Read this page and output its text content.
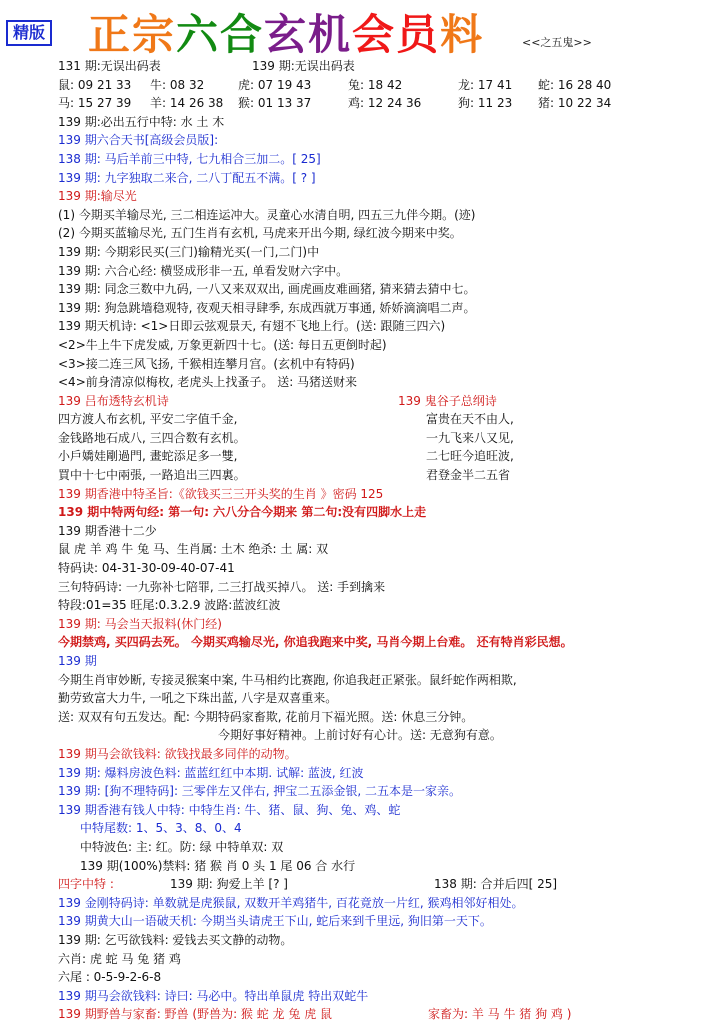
精版 正宗六合玄机会员料	<<之五鬼>>
131 期:无误出码表	139 期:无误出码表
鼠: 09 21 33 牛: 08 32	虎: 07 19 43	兔: 18 42	龙: 17 41 蛇: 16 28 40
马: 15 27 39 羊: 14 26 38 猴: 01 13 37	鸡: 12 24 36	狗: 11 23 猪: 10 22 34
139 期:必出五行中特: 水 土 木
139 期六合天书[高级会员版]:
138 期: 马后羊前三中特, 七九相合三加二。[ 25]
139 期: 九字独取二来合, 二八丁配五不满。[ ? ]
139 期:输尽光
(1) 今期买羊输尽光, 三二相连运冲大。灵童心水清自明, 四五三九伴今期。(迹)
(2) 今期买蓝输尽光, 五门生肖有玄机, 马虎来开出今期, 绿红波今期来中奖。
139 期: 今期彩民买(三门)输精光买(一门,二门)中
139 期: 六合心经: 横竖成形非一五, 单看发财六字中。
139 期: 同念三数中九码, 一八又来双双出, 画虎画皮难画猪, 猜来猜去猜中七。
139 期: 狗急跳墙稳观特, 夜观天相寻肆季, 东成西就万事通, 娇娇滴滴唱二声。
139 期天机诗: <1>日即云弦观景天, 有翅不飞地上行。(送: 跟随三四六)
<2>牛上牛下虎发威, 万象更新四十七。(送: 每日五更倒时起)
<3>接二连三风飞扬, 千猴相连攀月宫。(玄机中有特码)
<4>前身清凉似梅枚, 老虎头上找蚤子。 送: 马猪送财来
139 吕布透特玄机诗	139 鬼谷子总纲诗
四方渡人布玄机, 平安二字值千金,	富贵在天不由人,
金钱路地石成八, 三四合数有玄机。	一九飞来八又见,
小戶嬌娃剛過門, 畫蛇添足多一雙,	二七旺今追旺波,
買中十七中兩張, 一路追出三四裏。	君登金半二五省
139 期香港中特圣旨:《欲钱买三三开头奖的生肖 》密码 125
139 期中特两句经: 第一句: 六八分合今期来 第二句:没有四脚水上走
139 期香港十二少
鼠 虎 羊 鸡 牛 兔 马、生肖属: 土木 绝杀: 土 属: 双
特码诀: 04-31-30-09-40-07-41
三句特码诗: 一九弥补七陪罪, 二三打战买掉八。 送: 手到擒来
特段:01=35 旺尾:0.3.2.9 波路:蓝波红波
139 期: 马会当天报料(休门经)
今期禁鸡, 买四码去死。 今期买鸡输尽光, 你追我跑来中奖, 马肖今期上台难。 还有特肖彩民想。
139 期
今期生肖审妙断, 专接灵猴案中案, 牛马相约比赛跑, 你追我赶正紧张。鼠纤蛇作两相欺,
勤劳致富大力牛, 一吼之下珠出蓝, 八字是双喜重来。
送: 双双有句五发达。配: 今期特码家畜欺, 花前月下福光照。送: 休息三分钟。
今期好事好精神。上前讨好有心计。送: 无意狗有意。
139 期马会欲钱料: 欲钱找最多同伴的动物。
139 期: 爆料房波色料: 蓝蓝红红中本期. 试解: 蓝波, 红波
139 期: [狗不理特码]: 三零伴左又伴右, 押宝二五添金银, 二五本是一家亲。
139 期香港有钱人中特: 中特生肖: 牛、猪、鼠、狗、兔、鸡、蛇
中特尾数: 1、5、3、8、0、4
中特波色: 主: 红。防: 绿 中特单双: 双
139 期(100%)禁料: 猪 猴 肖 0 头 1 尾 06 合 水行
四字中特 :	139 期: 狗爱上羊 [? ]	138 期: 合并后四[ 25]
139 金刚特码诗: 单数就是虎猴鼠, 双数开羊鸡猪牛, 百花竟放一片红, 猴鸡相邻好相处。
139 期黄大山一语破天机: 今期当头请虎王下山, 蛇后来到千里远, 狗旧第一天下。
139 期: 乞丐欲钱料: 爱钱去买文静的动物。
六肖: 虎 蛇 马 兔 猪 鸡
六尾 : 0-5-9-2-6-8
139 期马会欲钱料: 诗曰: 马必中。特出单鼠虎 特出双蛇牛
139 期野兽与家畜: 野兽 (野兽为: 猴 蛇 龙 兔 虎 鼠	家畜为: 羊 马 牛 猪 狗 鸡 )
